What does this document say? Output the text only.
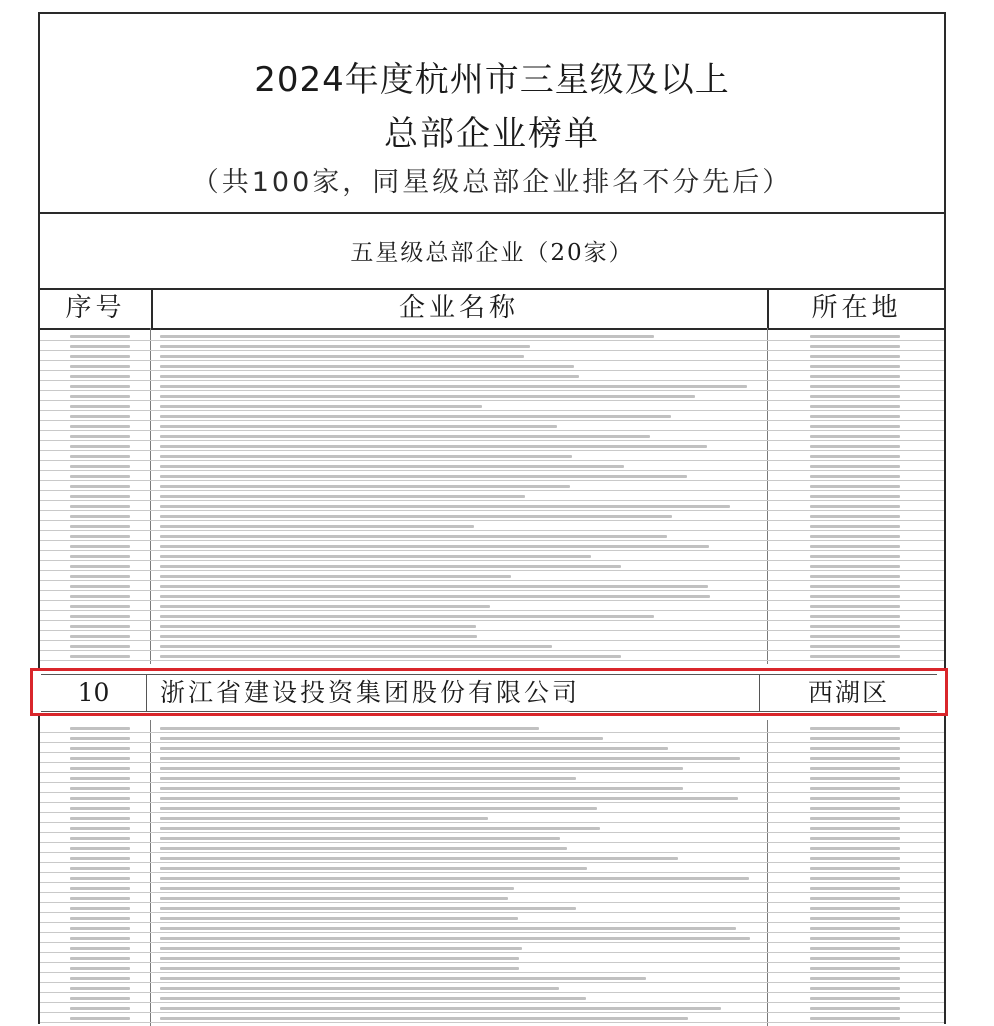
2024年度杭州市三星级及以上
总部企业榜单
（共100家，同星级总部企业排名不分先后）
五星级总部企业（20家）
序号	企业名称	所在地
10	浙江省建设投资集团股份有限公司	西湖区
